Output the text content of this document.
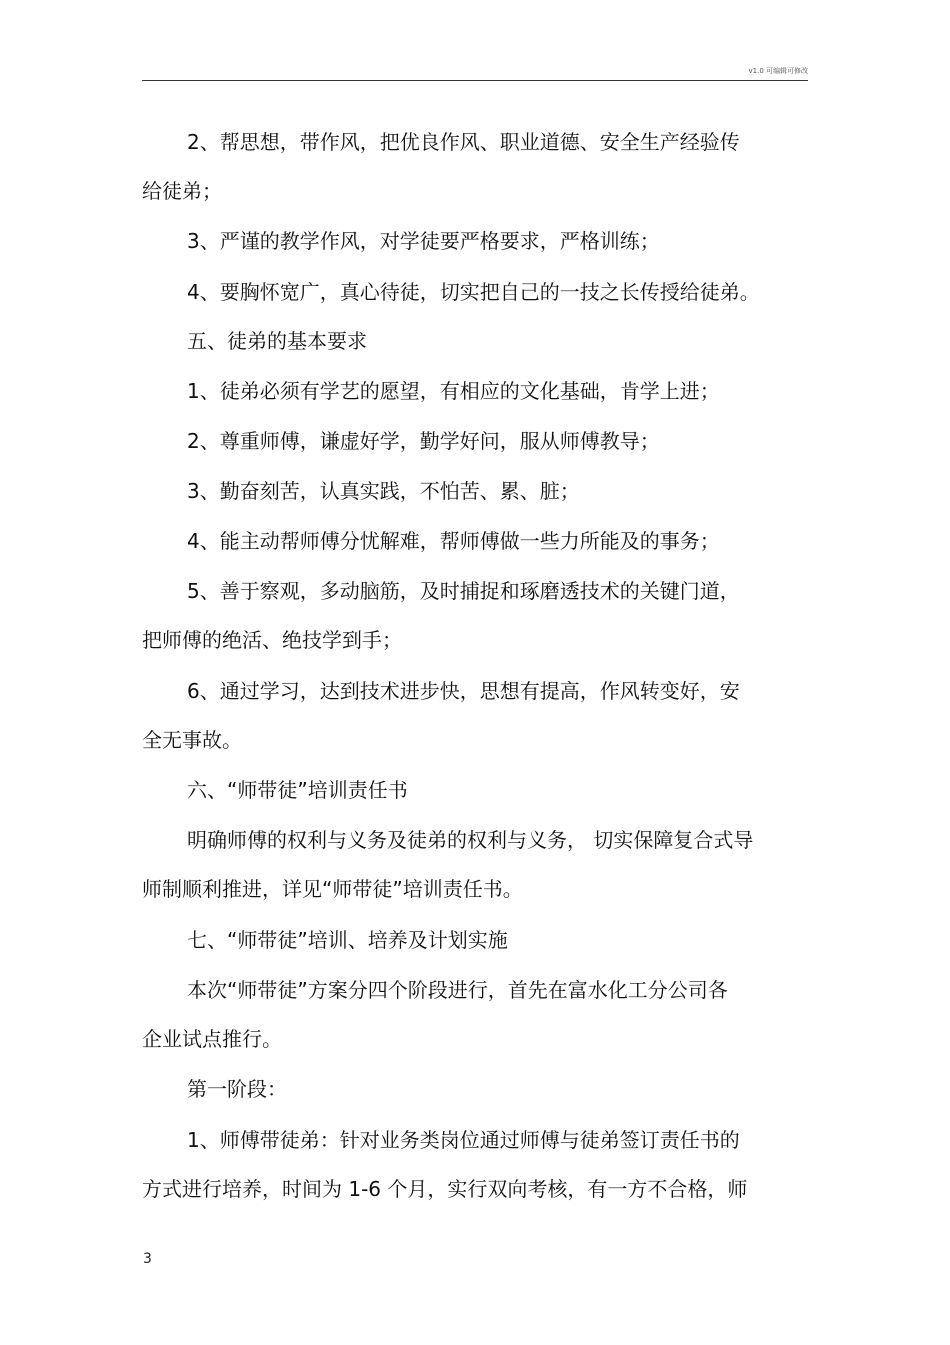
v1.0 可编辑可修改
2、帮思想，带作风，把优良作风、职业道德、安全生产经验传
给徒弟；
3、严谨的教学作风，对学徒要严格要求，严格训练；
4、要胸怀宽广，真心待徒，切实把自己的一技之长传授给徒弟。
五、徒弟的基本要求
1、徒弟必须有学艺的愿望，有相应的文化基础，肯学上进；
2、尊重师傅，谦虚好学，勤学好问，服从师傅教导；
3、勤奋刻苦，认真实践，不怕苦、累、脏；
4、能主动帮师傅分忧解难，帮师傅做一些力所能及的事务；
5、善于察观，多动脑筋，及时捕捉和琢磨透技术的关键门道，
把师傅的绝活、绝技学到手；
6、通过学习，达到技术进步快，思想有提高，作风转变好，安
全无事故。
六、“师带徒”培训责任书
明确师傅的权利与义务及徒弟的权利与义务， 切实保障复合式导
师制顺利推进，详见“师带徒”培训责任书。
七、“师带徒”培训、培养及计划实施
本次“师带徒”方案分四个阶段进行，首先在富水化工分公司各
企业试点推行。
第一阶段：
1、师傅带徒弟：针对业务类岗位通过师傅与徒弟签订责任书的
方式进行培养，时间为 1-6 个月，实行双向考核，有一方不合格，师
3
